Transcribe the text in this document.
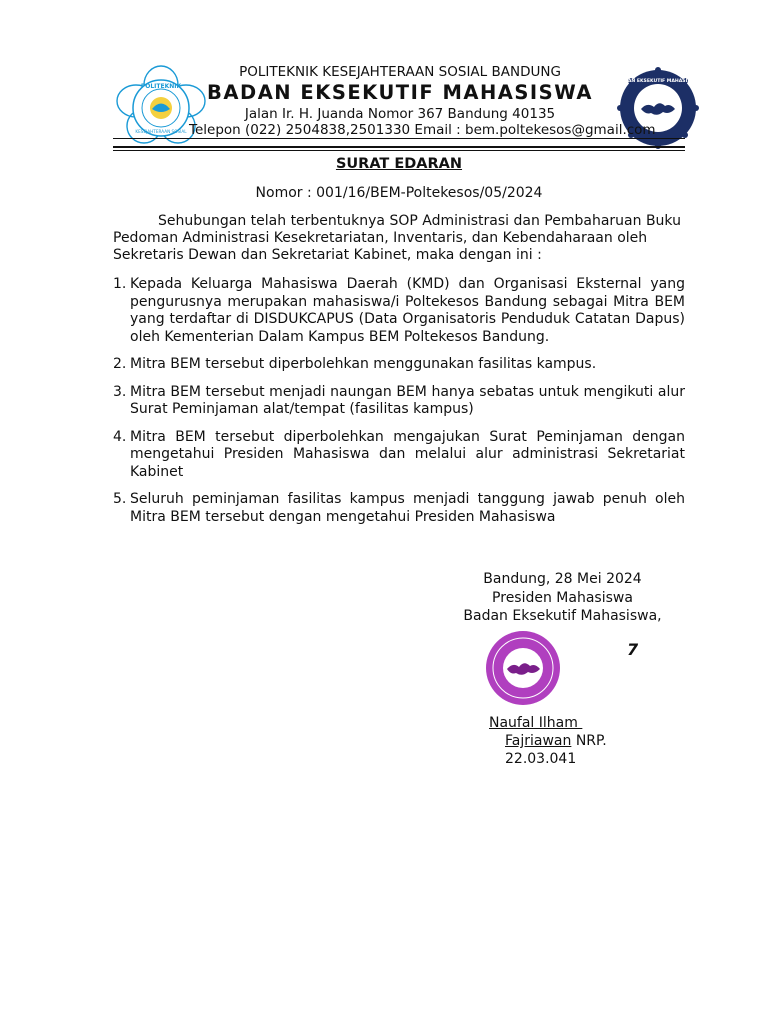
POLITEKNIK
KESEJAHTERAAN SOSIAL
BADAN EKSEKUTIF MAHASISWA
POLITEKNIK KESEJAHTERAAN SOSIAL BANDUNG
BADAN EKSEKUTIF MAHASISWA
Jalan Ir. H. Juanda Nomor 367 Bandung 40135
Telepon (022) 2504838,2501330 Email : bem.poltekesos@gmail.com
SURAT EDARAN
Nomor : 001/16/BEM-Poltekesos/05/2024

Sehubungan telah terbentuknya SOP Administrasi dan Pembaharuan Buku Pedoman Administrasi Kesekretariatan, Inventaris, dan Kebendaharaan oleh Sekretaris Dewan dan Sekretariat Kabinet, maka dengan ini :

1. Kepada Keluarga Mahasiswa Daerah (KMD) dan Organisasi Eksternal yang pengurusnya merupakan mahasiswa/i Poltekesos Bandung sebagai Mitra BEM yang terdaftar di DISDUKCAPUS (Data Organisatoris Penduduk Catatan Dapus) oleh Kementerian Dalam Kampus BEM Poltekesos Bandung.
2. Mitra BEM tersebut diperbolehkan menggunakan fasilitas kampus.
3. Mitra BEM tersebut menjadi naungan BEM hanya sebatas untuk mengikuti alur Surat Peminjaman alat/tempat (fasilitas kampus)
4. Mitra BEM tersebut diperbolehkan mengajukan Surat Peminjaman dengan mengetahui Presiden Mahasiswa dan melalui alur administrasi Sekretariat Kabinet
5. Seluruh peminjaman fasilitas kampus menjadi tanggung jawab penuh oleh Mitra BEM tersebut dengan mengetahui Presiden Mahasiswa
Bandung, 28 Mei 2024
Presiden Mahasiswa
Badan Eksekutif Mahasiswa,
7
Naufal Ilham
Fajriawan NRP.
22.03.041
